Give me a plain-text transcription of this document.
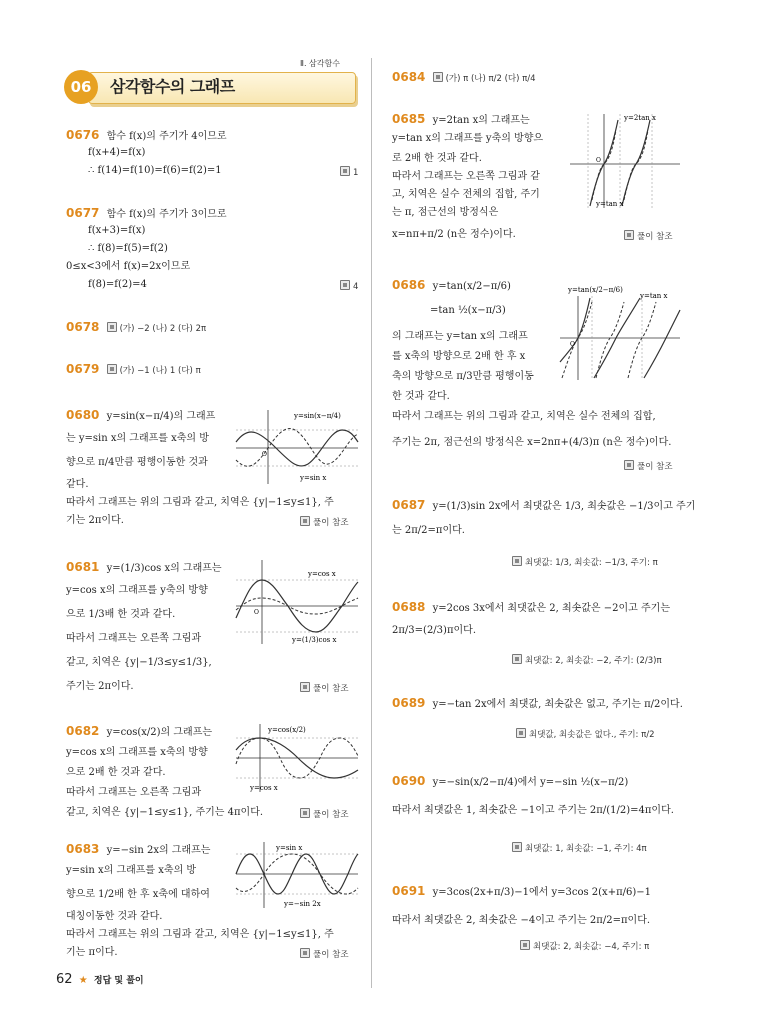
Ⅱ. 삼각함수
06	삼각함수의 그래프
0676 함수 f(x)의 주기가 4이므로
f(x+4)=f(x)
∴ f(14)=f(10)=f(6)=f(2)=1	1
0677 함수 f(x)의 주기가 3이므로
f(x+3)=f(x)
∴ f(8)=f(5)=f(2)
0≤x<3에서 f(x)=2x이므로
f(8)=f(2)=4	4
0678 (가) −2 (나) 2 (다) 2π
0679 (가) −1 (나) 1 (다) π
0680 y=sin(x−π/4)의 그래프
는 y=sin x의 그래프를 x축의 방
향으로 π/4만큼 평행이동한 것과
같다.
따라서 그래프는 위의 그림과 같고, 치역은 {y|−1≤y≤1}, 주
기는 2π이다.	풀이 참조
y=sin(x−π/4)
y=sin x
O
0681 y=(1/3)cos x의 그래프는
y=cos x의 그래프를 y축의 방향
으로 1/3배 한 것과 같다.
따라서 그래프는 오른쪽 그림과
같고, 치역은 {y|−1/3≤y≤1/3},
주기는 2π이다.	풀이 참조
y=cos x
y=(1/3)cos x
O
0682 y=cos(x/2)의 그래프는
y=cos x의 그래프를 x축의 방향
으로 2배 한 것과 같다.
따라서 그래프는 오른쪽 그림과
같고, 치역은 {y|−1≤y≤1}, 주기는 4π이다.	풀이 참조
y=cos(x/2)
y=cos x
0683 y=−sin 2x의 그래프는
y=sin x의 그래프를 x축의 방
향으로 1/2배 한 후 x축에 대하여
대칭이동한 것과 같다.
따라서 그래프는 위의 그림과 같고, 치역은 {y|−1≤y≤1}, 주
기는 π이다.	풀이 참조
y=sin x
y=−sin 2x
0684 (가) π (나) π/2 (다) π/4
0685 y=2tan x의 그래프는
y=tan x의 그래프를 y축의 방향으
로 2배 한 것과 같다.
따라서 그래프는 오른쪽 그림과 같
고, 치역은 실수 전체의 집합, 주기
는 π, 점근선의 방정식은
x=nπ+π/2 (n은 정수)이다.	풀이 참조
y=2tan x
y=tan x
O
0686 y=tan(x/2−π/6)
=tan ½(x−π/3)
의 그래프는 y=tan x의 그래프
를 x축의 방향으로 2배 한 후 x
축의 방향으로 π/3만큼 평행이동
한 것과 같다.
따라서 그래프는 위의 그림과 같고, 치역은 실수 전체의 집합,
주기는 2π, 점근선의 방정식은 x=2nπ+(4/3)π (n은 정수)이다.
풀이 참조
y=tan(x/2−π/6)
y=tan x
O
0687 y=(1/3)sin 2x에서 최댓값은 1/3, 최솟값은 −1/3이고 주기
는 2π/2=π이다.
최댓값: 1/3, 최솟값: −1/3, 주기: π
0688 y=2cos 3x에서 최댓값은 2, 최솟값은 −2이고 주기는
2π/3=(2/3)π이다.
최댓값: 2, 최솟값: −2, 주기: (2/3)π
0689 y=−tan 2x에서 최댓값, 최솟값은 없고, 주기는 π/2이다.
최댓값, 최솟값은 없다., 주기: π/2
0690 y=−sin(x/2−π/4)에서 y=−sin ½(x−π/2)
따라서 최댓값은 1, 최솟값은 −1이고 주기는 2π/(1/2)=4π이다.
최댓값: 1, 최솟값: −1, 주기: 4π
0691 y=3cos(2x+π/3)−1에서 y=3cos 2(x+π/6)−1
따라서 최댓값은 2, 최솟값은 −4이고 주기는 2π/2=π이다.
최댓값: 2, 최솟값: −4, 주기: π
62 ★ 정답 및 풀이
